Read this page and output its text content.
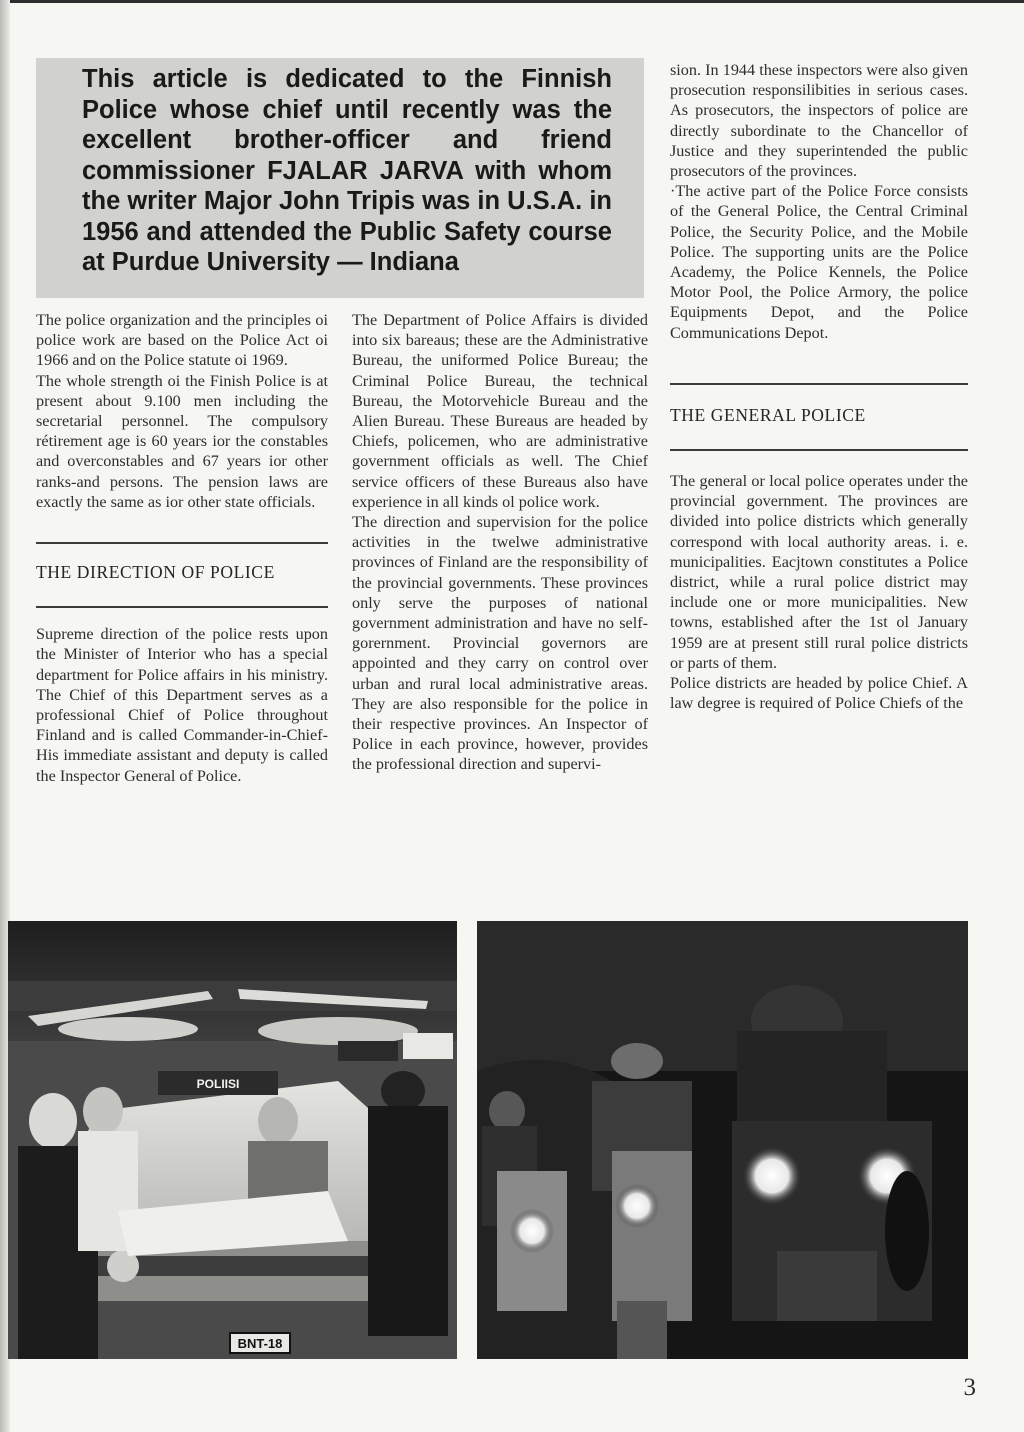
This article is dedicated to the Finnish Police whose chief until recently was the excellent brother-officer and friend commissioner FJALAR JARVA with whom the writer Major John Tripis was in U.S.A. in 1956 and attended the Public Safety course at Purdue University — Indiana

The police organization and the principles oi police work are based on the Police Act oi 1966 and on the Police statute oi 1969.

The whole strength oi the Finish Police is at present about 9.100 men including the secretarial personnel. The compulsory rétirement age is 60 years ior the constables and overconstables and 67 years ior other ranks-and persons. The pension laws are exactly the same as ior other state officials.

THE DIRECTION OF POLICE

Supreme direction of the police rests upon the Minister of Interior who has a special department for Police affairs in his ministry. The Chief of this Department serves as a professional Chief of Police throughout Finland and is called Commander-in-Chief- His immediate assistant and deputy is called the Inspector General of Police.

The Department of Police Affairs is divided into six bareaus; these are the Administrative Bureau, the uniformed Police Bureau; the Criminal Police Bureau, the technical Bureau, the Motorvehicle Bureau and the Alien Bureau. These Bureaus are headed by Chiefs, policemen, who are administrative government officials as well. The Chief service officers of these Bureaus also have experience in all kinds ol police work.

The direction and supervision for the police activities in the twelwe administrative provinces of Finland are the responsibility of the provincial governments. These provinces only serve the purposes of national government administration and have no self-gorernment. Provincial governors are appointed and they carry on control over urban and rural local administrative areas. They are also responsible for the police in their respective provinces. An Inspector of Police in each province, however, provides the professional direction and supervi-

sion. In 1944 these inspectors were also given prosecution responsilibities in serious cases. As prosecutors, the inspectors of police are directly subordinate to the Chancellor of Justice and they superintended the public prosecutors of the provinces.

·The active part of the Police Force consists of the General Police, the Central Criminal Police, the Security Police, and the Mobile Police. The supporting units are the Police Academy, the Police Kennels, the Police Motor Pool, the Police Armory, the police Equipments Depot, and the Police Communications Depot.

THE GENERAL POLICE

The general or local police operates under the provincial government. The provinces are divided into police districts which generally correspond with local authority areas. i. e. municipalities. Eacjtown constitutes a Police district, while a rural police district may include one or more municipalities. New towns, established after the 1st ol January 1959 are at present still rural police districts or parts of them.

Police districts are headed by police Chief. A law degree is required of Police Chiefs of the

POLIISI
BNT-18
3
